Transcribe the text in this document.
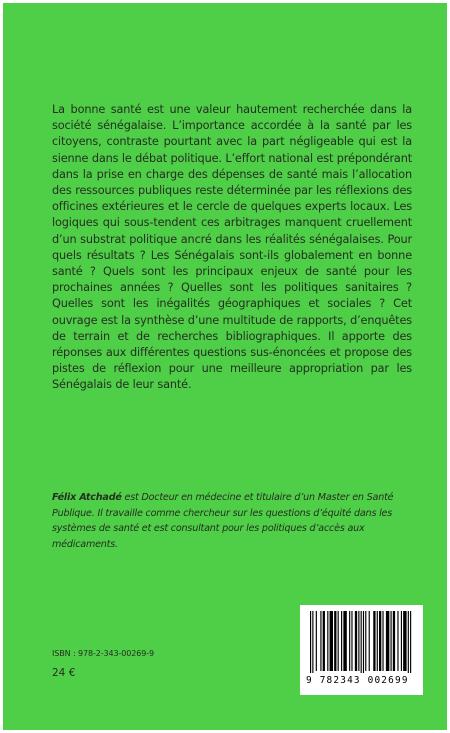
La bonne santé est une valeur hautement recherchée dans la société sénégalaise. L’importance accordée à la santé par les citoyens, contraste pourtant avec la part négligeable qui est la sienne dans le débat politique. L’effort national est prépondérant dans la prise en charge des dépenses de santé mais l’allocation des ressources publiques reste déterminée par les réflexions des officines extérieures et le cercle de quelques experts locaux. Les logiques qui sous-tendent ces arbitrages manquent cruellement d’un substrat politique ancré dans les réalités sénégalaises. Pour quels résultats ? Les Sénégalais sont-ils globalement en bonne santé ? Quels sont les principaux enjeux de santé pour les prochaines années ? Quelles sont les politiques sanitaires ? Quelles sont les inégalités géographiques et sociales ? Cet ouvrage est la synthèse d’une multitude de rapports, d’enquêtes de terrain et de recherches bibliographiques. Il apporte des réponses aux différentes questions sus-énoncées et propose des pistes de réflexion pour une meilleure appropriation par les Sénégalais de leur santé.

Félix Atchadé est Docteur en médecine et titulaire d’un Master en Santé Publique. Il travaille comme chercheur sur les questions d’équité dans les systèmes de santé et est consultant pour les politiques d’accès aux médicaments.

ISBN : 978-2-343-00269-9
24 €
9 782343 002699
